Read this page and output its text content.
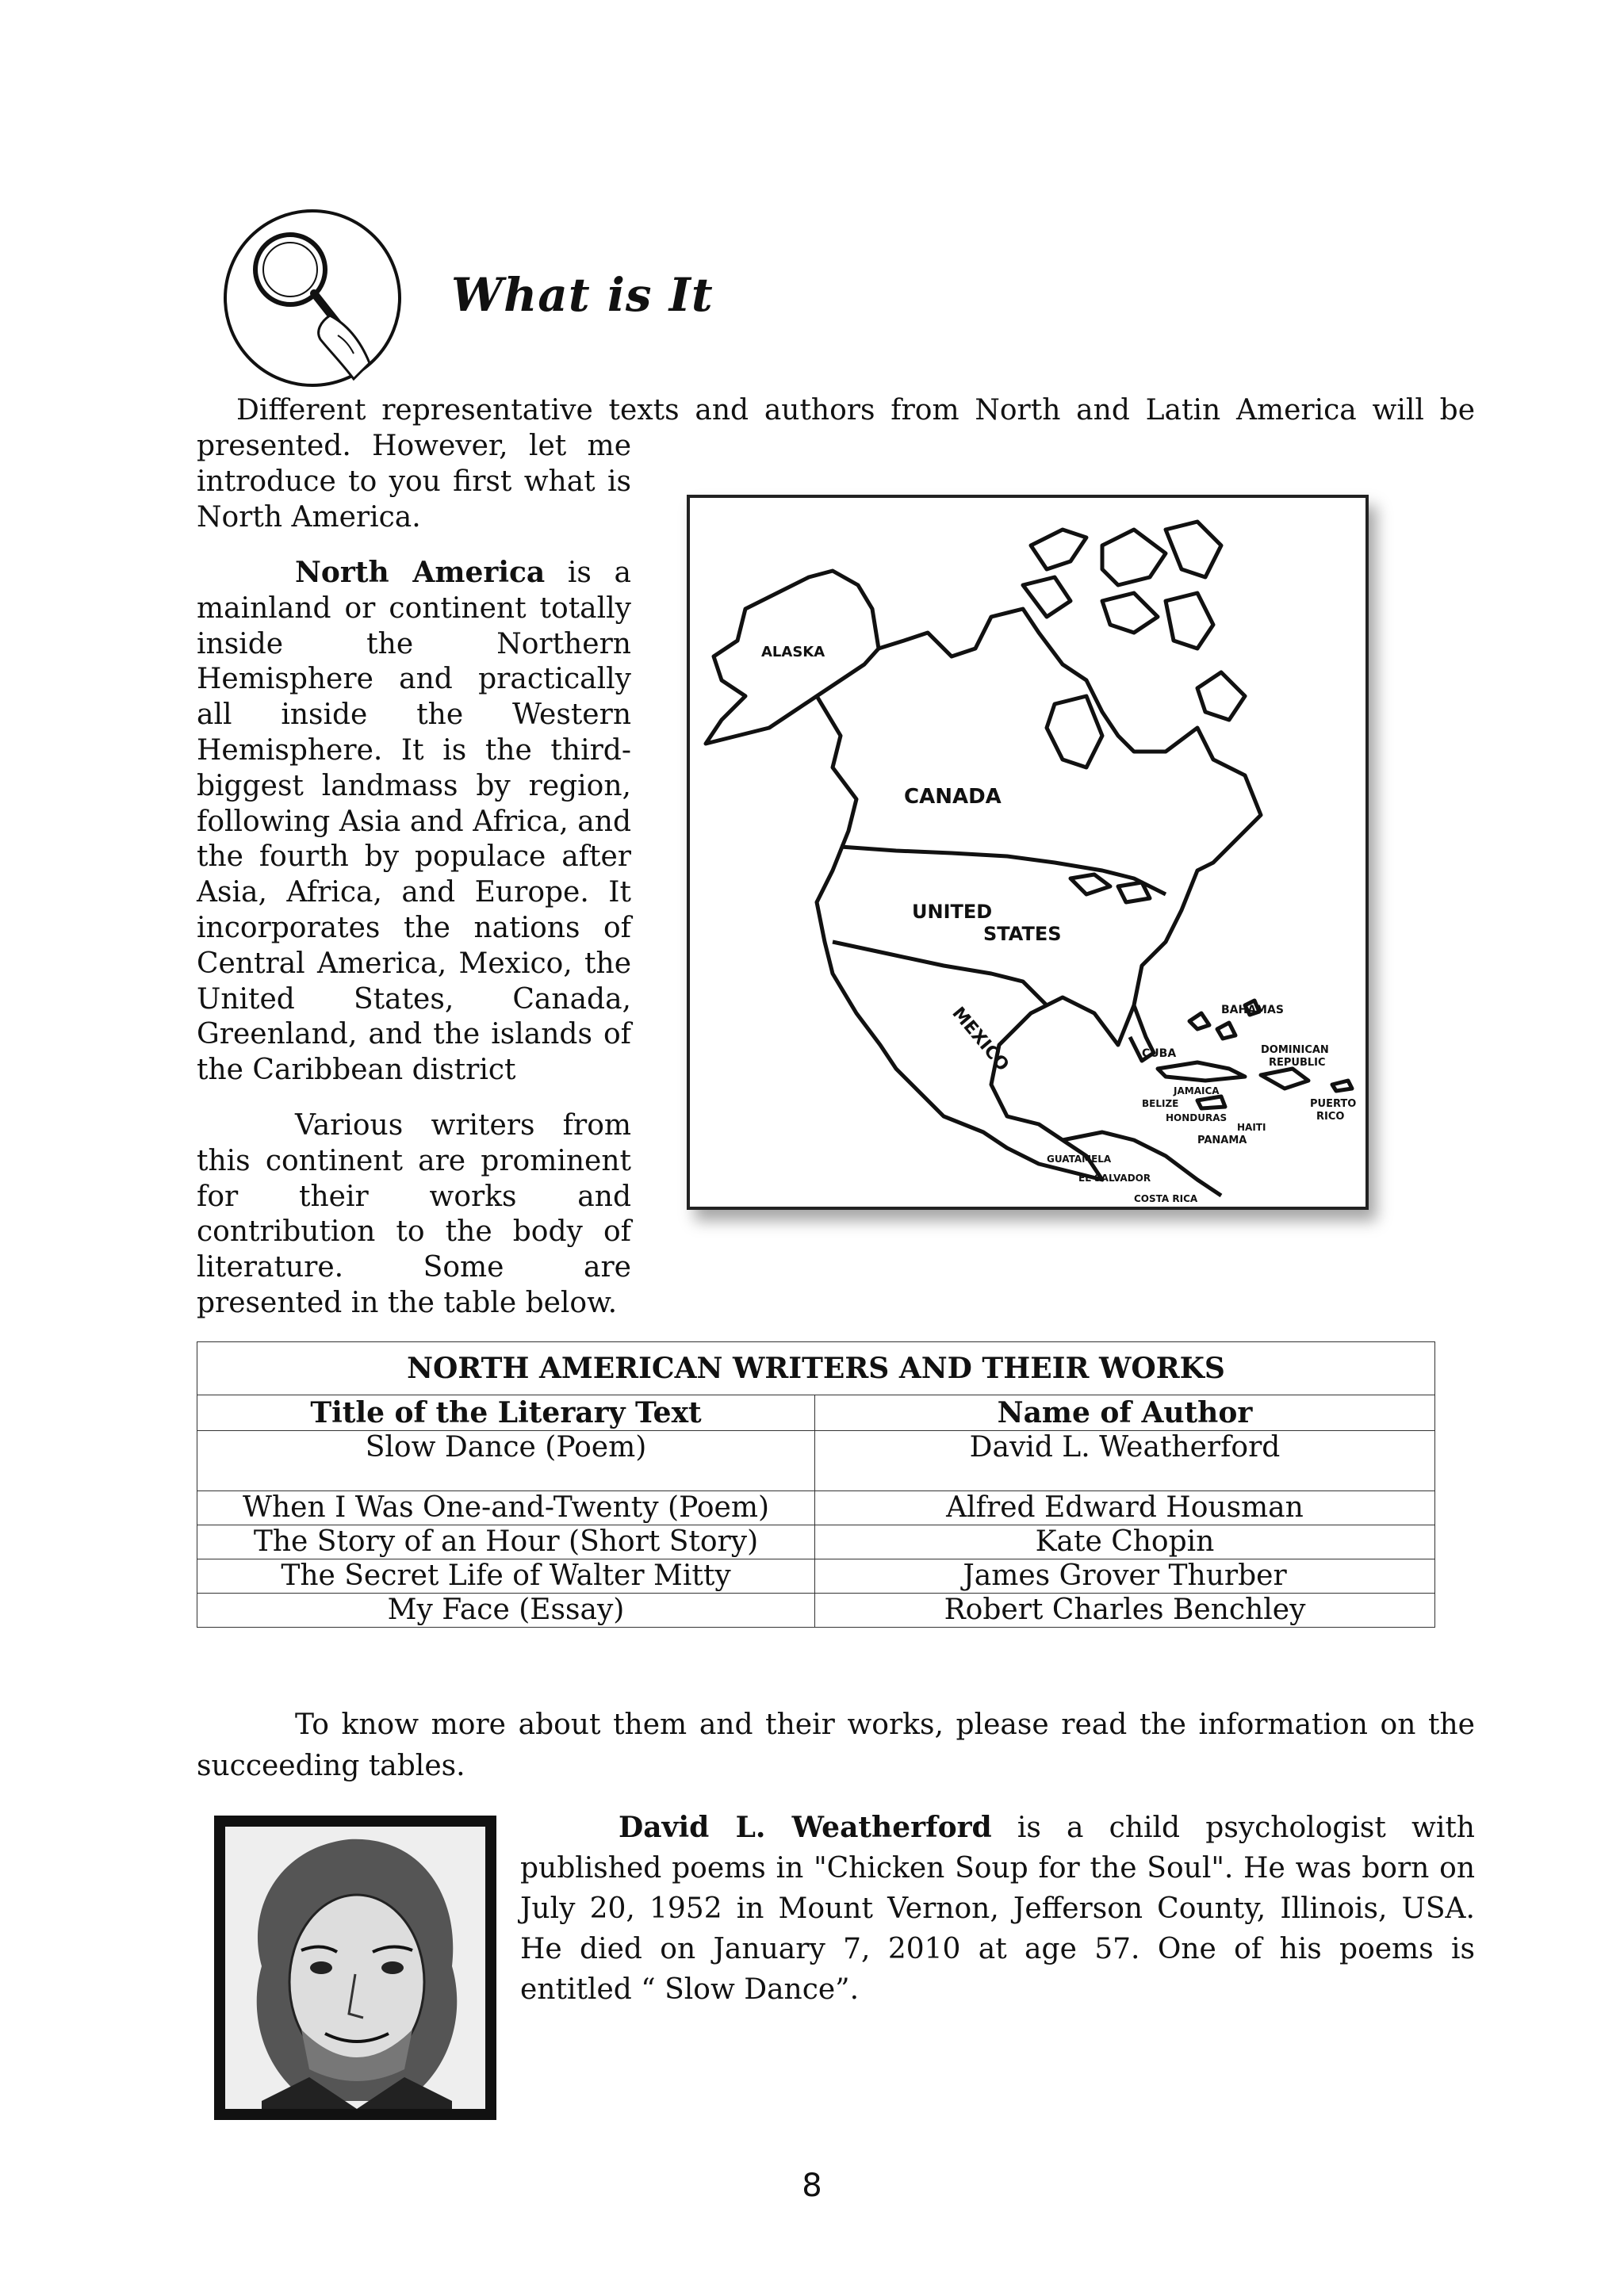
What is It
Different representative texts and authors from North and Latin America will be
presented. However, let me introduce to you first what is North America.
North America is a mainland or continent totally inside the Northern Hemisphere and practically all inside the Western Hemisphere. It is the third-biggest landmass by region, following Asia and Africa, and the fourth by populace after Asia, Africa, and Europe. It incorporates the nations of Central America, Mexico, the United States, Canada, Greenland, and the islands of the Caribbean district
Various writers from this continent are prominent for their works and contribution to the body of literature. Some are presented in the table below.
ALASKA
CANADA
UNITED
STATES
MEXICO	BAHAMAS
CUBA	DOMINICAN
REPUBLIC
JAMAICA
BELIZE
HONDURAS
HAITI
PUERTO
RICO
PANAMA
GUATAMELA
EL SALVADOR
COSTA RICA
NORTH AMERICAN WRITERS AND THEIR WORKS	
Title of the Literary Text	Name of Author
Slow Dance (Poem)	David L. Weatherford
When I Was One-and-Twenty (Poem)	Alfred Edward Housman
The Story of an Hour (Short Story)	Kate Chopin
The Secret Life of Walter Mitty	James Grover Thurber
My Face (Essay)	Robert Charles Benchley
To know more about them and their works, please read the information on the succeeding tables.
David L. Weatherford is a child psychologist with published poems in "Chicken Soup for the Soul". He was born on July 20, 1952 in Mount Vernon, Jefferson County, Illinois, USA. He died on January 7, 2010 at age 57. One of his poems is entitled “ Slow Dance”.
8
